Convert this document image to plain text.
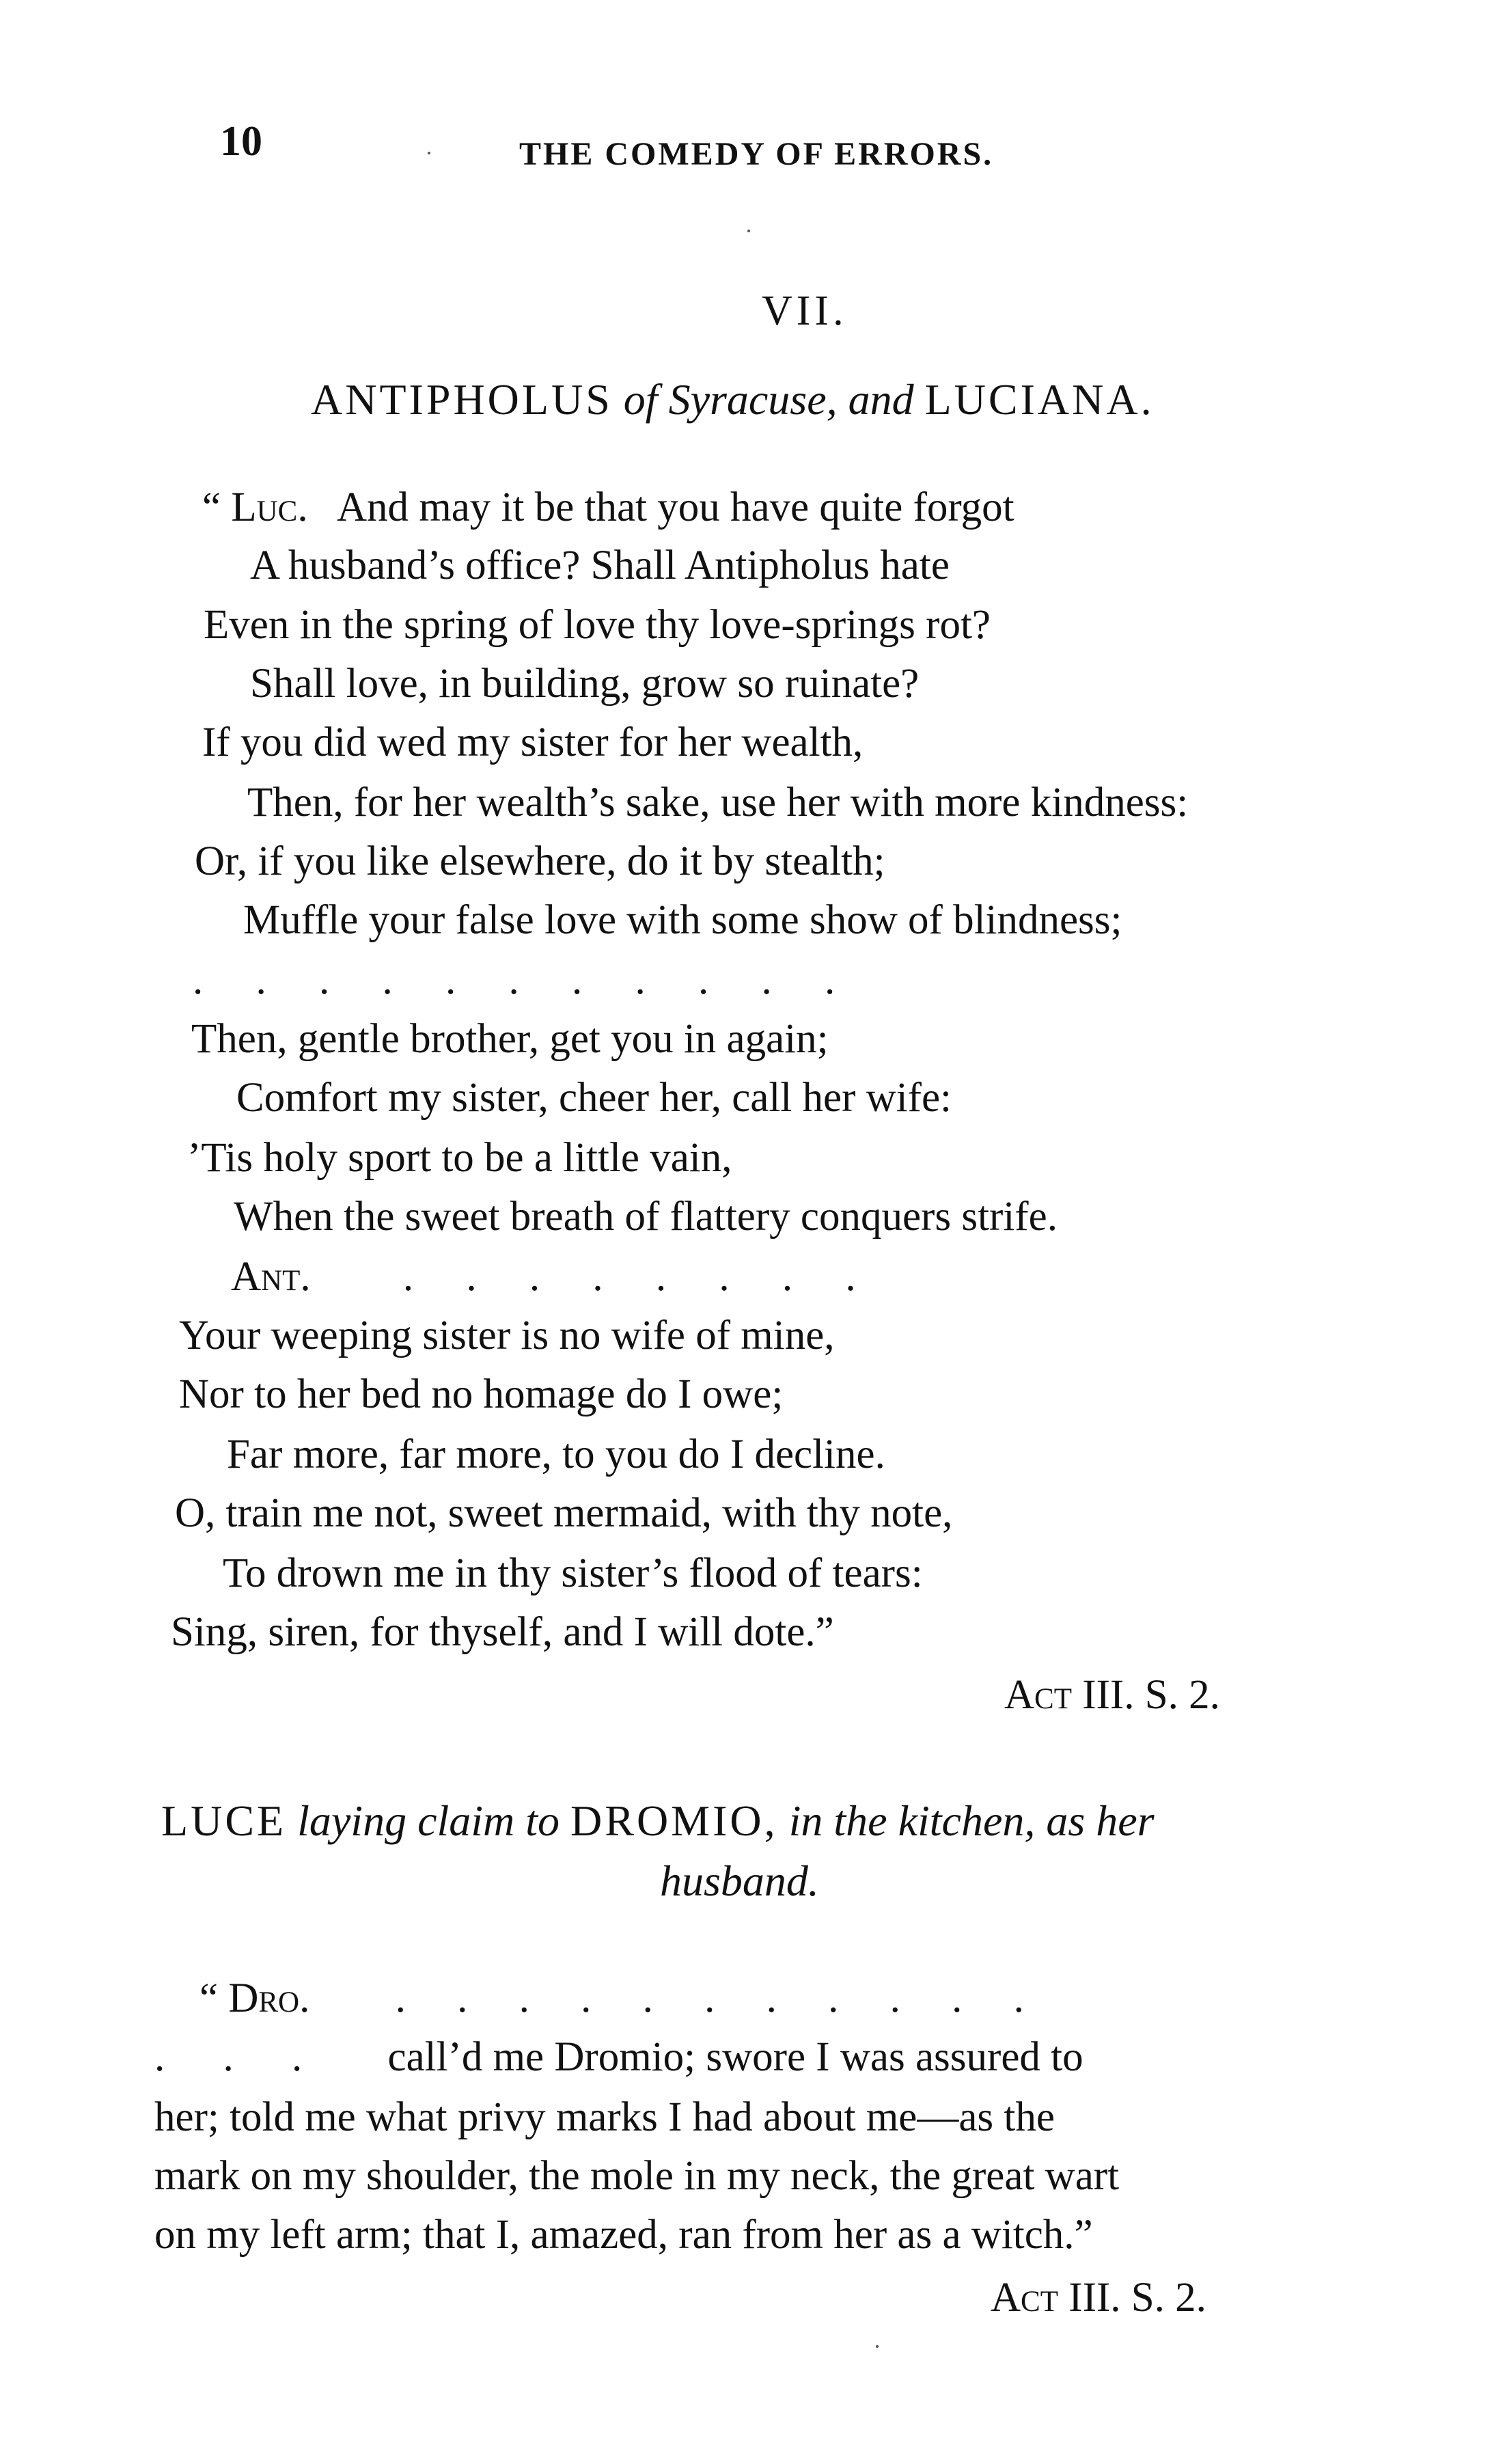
10	THE COMEDY OF ERRORS.
VII.
ANTIPHOLUS of Syracuse, and LUCIANA.
“ Luc. And may it be that you have quite forgot
A husband’s office? Shall Antipholus hate
Even in the spring of love thy love-springs rot?
Shall love, in building, grow so ruinate?
If you did wed my sister for her wealth,
Then, for her wealth’s sake, use her with more kindness:
Or, if you like elsewhere, do it by stealth;
Muffle your false love with some show of blindness;
. . . . . . . . . . .
Then, gentle brother, get you in again;
Comfort my sister, cheer her, call her wife:
’Tis holy sport to be a little vain,
When the sweet breath of flattery conquers strife.
Ant. . . . . . . . .
Your weeping sister is no wife of mine,
Nor to her bed no homage do I owe;
Far more, far more, to you do I decline.
O, train me not, sweet mermaid, with thy note,
To drown me in thy sister’s flood of tears:
Sing, siren, for thyself, and I will dote.”
Act III. S. 2.
LUCE laying claim to DROMIO, in the kitchen, as her
husband.
“ Dro. . . . . . . . . . . .
. . . call’d me Dromio; swore I was assured to
her; told me what privy marks I had about me—as the
mark on my shoulder, the mole in my neck, the great wart
on my left arm; that I, amazed, ran from her as a witch.”
Act III. S. 2.
